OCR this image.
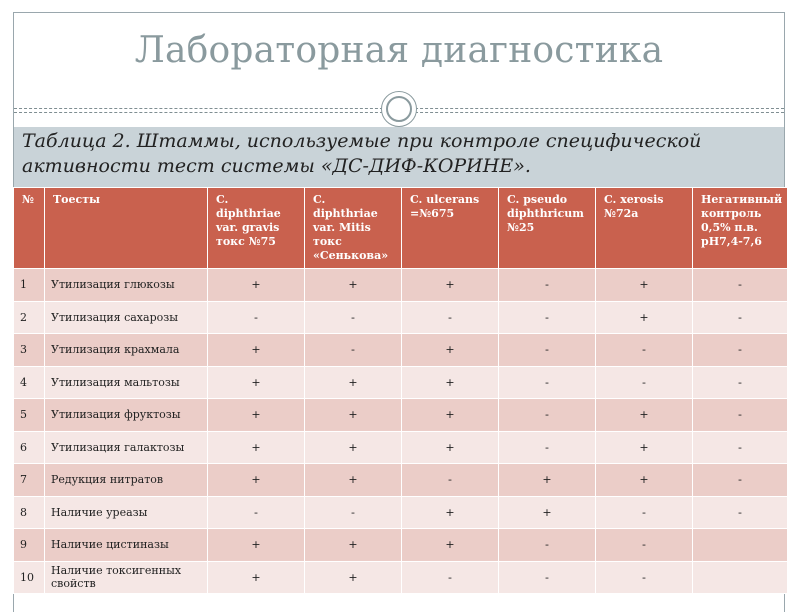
Лабораторная диагностика
Таблица 2. Штаммы, используемые при контроле специфической активности тест системы «ДС-ДИФ-КОРИНЕ».
№	Тоесты	C. diphthriae var. gravis токс №75	C. diphthriae var. Mitis токс «Сенькова»	C. ulcerans =№675	C. pseudo diphthricum №25	C. xerosis №72а	Негативный контроль 0,5% п.в. рН7,4-7,6
1	Утилизация глюкозы	+	+	+	-	+	-
2	Утилизация сахарозы	-	-	-	-	+	-
3	Утилизация крахмала	+	-	+	-	-	-
4	Утилизация мальтозы	+	+	+	-	-	-
5	Утилизация фруктозы	+	+	+	-	+	-
6	Утилизация галактозы	+	+	+	-	+	-
7	Редукция нитратов	+	+	-	+	+	-
8	Наличие уреазы	-	-	+	+	-	-
9	Наличие цистиназы	+	+	+	-	-	
10	Наличие токсигенных свойств	+	+	-	-	-	
